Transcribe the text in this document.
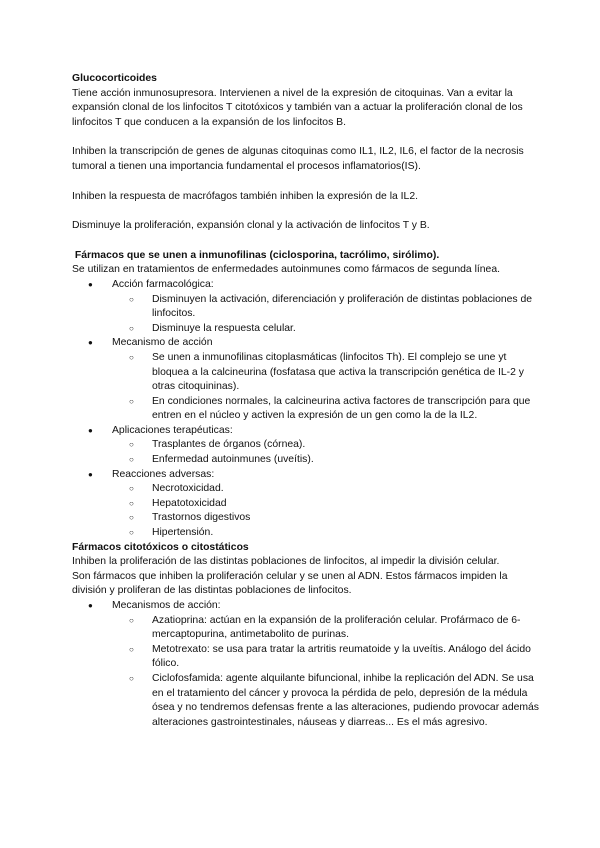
Glucocorticoides

Tiene acción inmunosupresora. Intervienen a nivel de la expresión de citoquinas. Van a evitar la expansión clonal de los linfocitos T citotóxicos y también van a actuar la proliferación clonal de los linfocitos T que conducen a la expansión de los linfocitos B.

Inhiben la transcripción de genes de algunas citoquinas como IL1, IL2, IL6, el factor de la necrosis tumoral a tienen una importancia fundamental el procesos inflamatorios(IS).

Inhiben la respuesta de macrófagos también inhiben la expresión de la IL2.

Disminuye la proliferación, expansión clonal y la activación de linfocitos T y B.

Fármacos que se unen a inmunofilinas (ciclosporina, tacrólimo, sirólimo).

Se utilizan en tratamientos de enfermedades autoinmunes como fármacos de segunda línea.

● Acción farmacológica:
○ Disminuyen la activación, diferenciación y proliferación de distintas poblaciones de linfocitos.
○ Disminuye la respuesta celular.
● Mecanismo de acción
○ Se unen a inmunofilinas citoplasmáticas (linfocitos Th). El complejo se une yt bloquea a la calcineurina (fosfatasa que activa la transcripción genética de IL-2 y otras citoquininas).
○ En condiciones normales, la calcineurina activa factores de transcripción para que entren en el núcleo y activen la expresión de un gen como la de la IL2.
● Aplicaciones terapéuticas:
○ Trasplantes de órganos (córnea).
○ Enfermedad autoinmunes (uveítis).
● Reacciones adversas:
○ Necrotoxicidad.
○ Hepatotoxicidad
○ Trastornos digestivos
○ Hipertensión.

Fármacos citotóxicos o citostáticos

Inhiben la proliferación de las distintas poblaciones de linfocitos, al impedir la división celular.

Son fármacos que inhiben la proliferación celular y se unen al ADN. Estos fármacos impiden la división y proliferan de las distintas poblaciones de linfocitos.

● Mecanismos de acción:
○ Azatioprina: actúan en la expansión de la proliferación celular. Profármaco de 6-mercaptopurina, antimetabolito de purinas.
○ Metotrexato: se usa para tratar la artritis reumatoide y la uveítis. Análogo del ácido fólico.
○ Ciclofosfamida: agente alquilante bifuncional, inhibe la replicación del ADN. Se usa en el tratamiento del cáncer y provoca la pérdida de pelo, depresión de la médula ósea y no tendremos defensas frente a las alteraciones, pudiendo provocar además alteraciones gastrointestinales, náuseas y diarreas... Es el más agresivo.
